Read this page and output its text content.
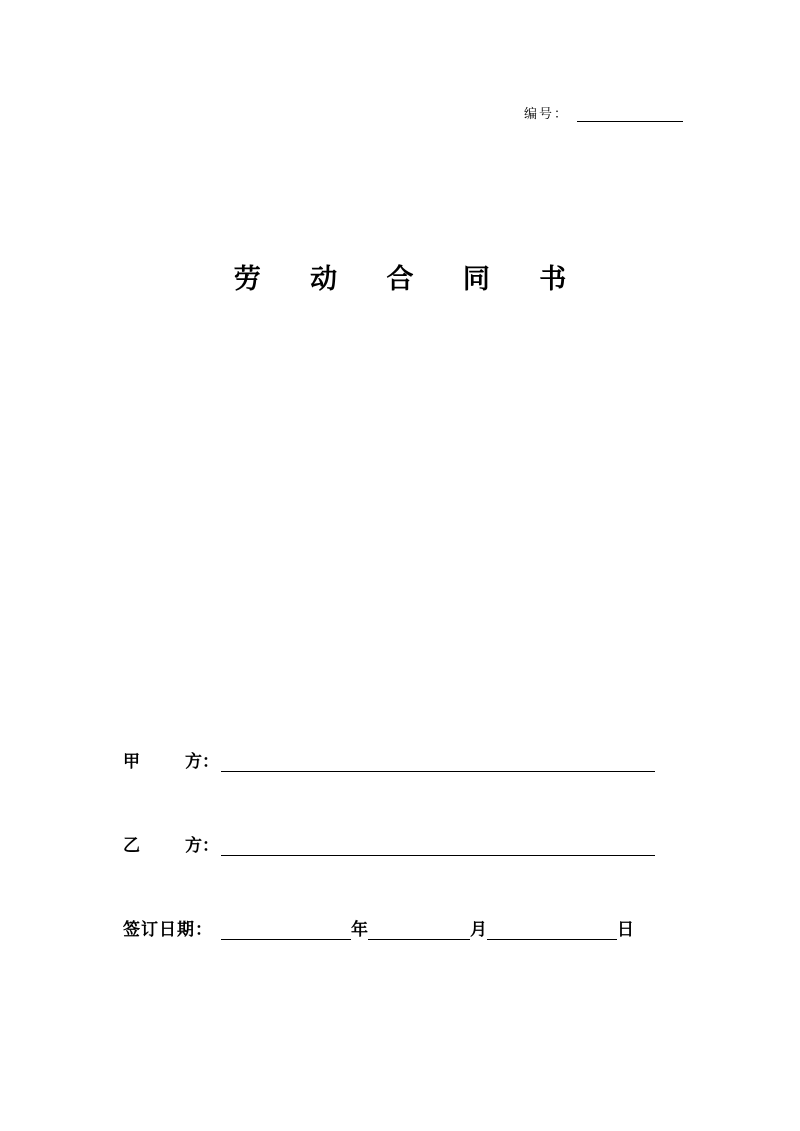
编号：
劳 动 合 同 书
甲	方：
乙	方：
签订日期：	年	月	日
